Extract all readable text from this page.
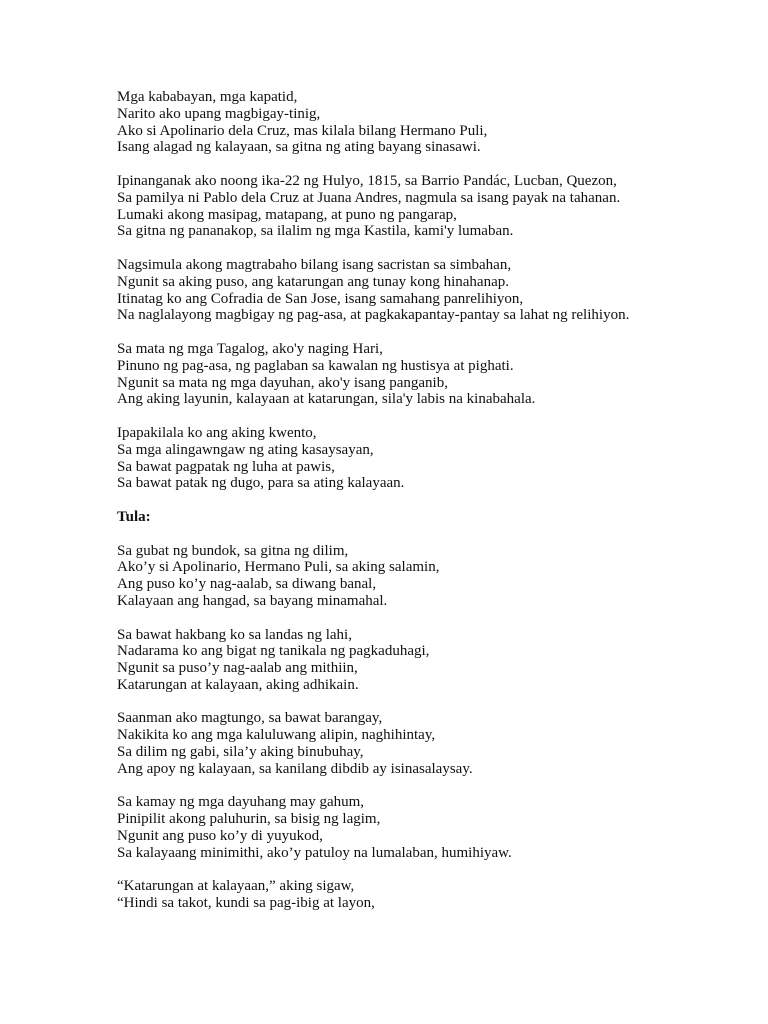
Mga kababayan, mga kapatid,
Narito ako upang magbigay-tinig,
Ako si Apolinario dela Cruz, mas kilala bilang Hermano Puli,
Isang alagad ng kalayaan, sa gitna ng ating bayang sinasawi.
Ipinanganak ako noong ika-22 ng Hulyo, 1815, sa Barrio Pandác, Lucban, Quezon,
Sa pamilya ni Pablo dela Cruz at Juana Andres, nagmula sa isang payak na tahanan.
Lumaki akong masipag, matapang, at puno ng pangarap,
Sa gitna ng pananakop, sa ilalim ng mga Kastila, kami'y lumaban.
Nagsimula akong magtrabaho bilang isang sacristan sa simbahan,
Ngunit sa aking puso, ang katarungan ang tunay kong hinahanap.
Itinatag ko ang Cofradia de San Jose, isang samahang panrelihiyon,
Na naglalayong magbigay ng pag-asa, at pagkakapantay-pantay sa lahat ng relihiyon.
Sa mata ng mga Tagalog, ako'y naging Hari,
Pinuno ng pag-asa, ng paglaban sa kawalan ng hustisya at pighati.
Ngunit sa mata ng mga dayuhan, ako'y isang panganib,
Ang aking layunin, kalayaan at katarungan, sila'y labis na kinabahala.
Ipapakilala ko ang aking kwento,
Sa mga alingawngaw ng ating kasaysayan,
Sa bawat pagpatak ng luha at pawis,
Sa bawat patak ng dugo, para sa ating kalayaan.
Tula:
Sa gubat ng bundok, sa gitna ng dilim,
Ako’y si Apolinario, Hermano Puli, sa aking salamin,
Ang puso ko’y nag-aalab, sa diwang banal,
Kalayaan ang hangad, sa bayang minamahal.
Sa bawat hakbang ko sa landas ng lahi,
Nadarama ko ang bigat ng tanikala ng pagkaduhagi,
Ngunit sa puso’y nag-aalab ang mithiin,
Katarungan at kalayaan, aking adhikain.
Saanman ako magtungo, sa bawat barangay,
Nakikita ko ang mga kaluluwang alipin, naghihintay,
Sa dilim ng gabi, sila’y aking binubuhay,
Ang apoy ng kalayaan, sa kanilang dibdib ay isinasalaysay.
Sa kamay ng mga dayuhang may gahum,
Pinipilit akong paluhurin, sa bisig ng lagim,
Ngunit ang puso ko’y di yuyukod,
Sa kalayaang minimithi, ako’y patuloy na lumalaban, humihiyaw.
“Katarungan at kalayaan,” aking sigaw,
“Hindi sa takot, kundi sa pag-ibig at layon,
